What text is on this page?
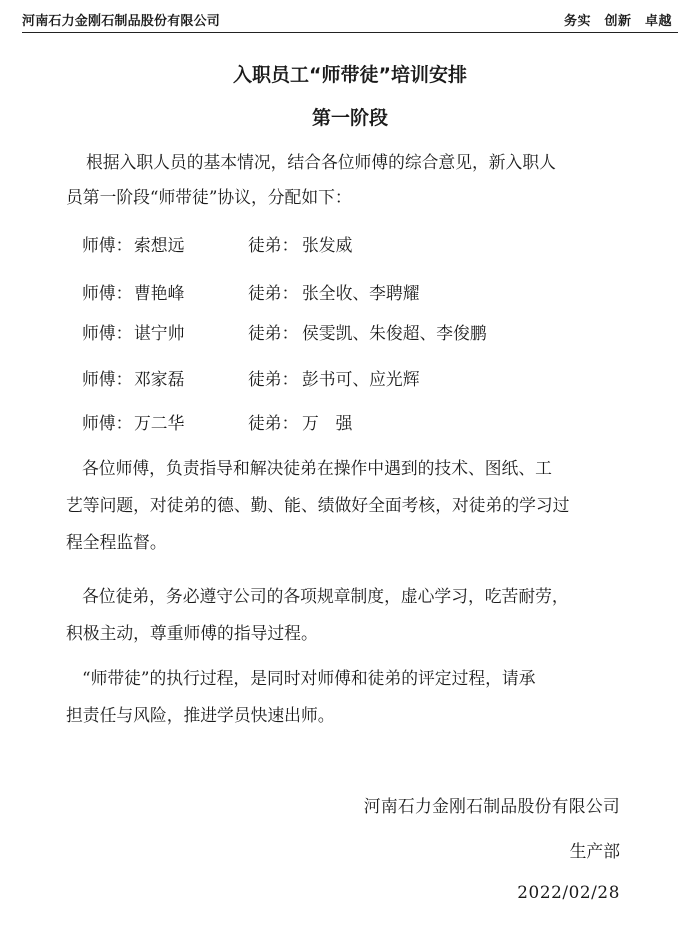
河南石力金刚石制品股份有限公司	务实　创新　卓越
入职员工“师带徒”培训安排
第一阶段

根据入职人员的基本情况，结合各位师傅的综合意见，新入职人
员第一阶段“师带徒”协议，分配如下：

师傅：索想远	徒弟： 张发威
师傅：曹艳峰	徒弟： 张全收、李聘耀
师傅：谌宁帅	徒弟： 侯雯凯、朱俊超、李俊鹏
师傅：邓家磊	徒弟： 彭书可、应光辉
师傅：万二华	徒弟： 万　强
各位师傅，负责指导和解决徒弟在操作中遇到的技术、图纸、工
艺等问题，对徒弟的德、勤、能、绩做好全面考核，对徒弟的学习过
程全程监督。
各位徒弟，务必遵守公司的各项规章制度，虚心学习，吃苦耐劳，
积极主动，尊重师傅的指导过程。
“师带徒”的执行过程，是同时对师傅和徒弟的评定过程，请承
担责任与风险，推进学员快速出师。
河南石力金刚石制品股份有限公司
生产部
2022/02/28
